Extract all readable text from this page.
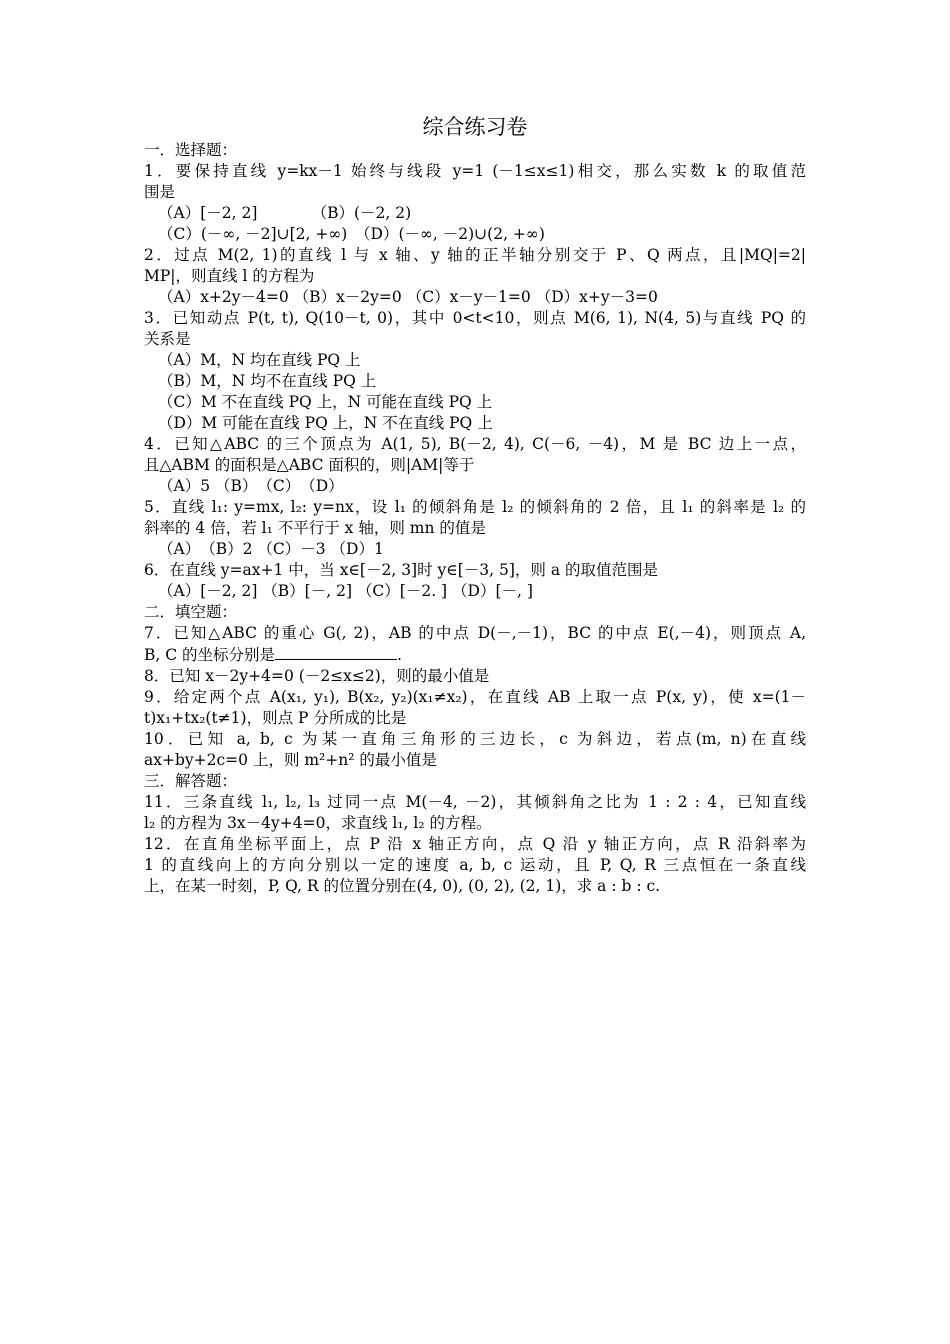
综合练习卷
一．选择题：
1．要保持直线 y=kx－1 始终与线段 y=1 (－1≤x≤1)相交，那么实数 k 的取值范
围是
（A）[－2, 2]　　　　（B）(－2, 2)
（C）(－∞, －2]∪[2, +∞)　（D）(－∞, －2)∪(2, +∞)
2．过点 M(2, 1)的直线 l 与 x 轴、y 轴的正半轴分别交于 P、Q 两点，且|MQ|=2|
MP|，则直线 l 的方程为
（A）x+2y－4=0 （B）x－2y=0 （C）x－y－1=0 （D）x+y－3=0
3．已知动点 P(t, t), Q(10－t, 0)，其中 0<t<10，则点 M(6, 1), N(4, 5)与直线 PQ 的
关系是
（A）M，N 均在直线 PQ 上
（B）M，N 均不在直线 PQ 上
（C）M 不在直线 PQ 上，N 可能在直线 PQ 上
（D）M 可能在直线 PQ 上，N 不在直线 PQ 上
4．已知△ABC 的三个顶点为 A(1, 5), B(－2, 4), C(－6, －4)，M 是 BC 边上一点，
且△ABM 的面积是△ABC 面积的，则|AM|等于
（A）5 （B）　（C）　（D）
5．直线 l₁: y=mx, l₂: y=nx，设 l₁ 的倾斜角是 l₂ 的倾斜角的 2 倍，且 l₁ 的斜率是 l₂ 的
斜率的 4 倍，若 l₁ 不平行于 x 轴，则 mn 的值是
（A）　（B）2 （C）－3 （D）1
6．在直线 y=ax+1 中，当 x∈[－2, 3]时 y∈[－3, 5]，则 a 的取值范围是
（A）[－2, 2] （B）[－, 2] （C）[－2. ] （D）[－, ]
二．填空题：
7．已知△ABC 的重心 G(, 2)，AB 的中点 D(－,－1)，BC 的中点 E(,－4)，则顶点 A,
B, C 的坐标分别是	.
8．已知 x－2y+4=0 (－2≤x≤2)，则的最小值是
9．给定两个点 A(x₁, y₁), B(x₂, y₂)(x₁≠x₂)，在直线 AB 上取一点 P(x, y)，使 x=(1－
t)x₁+tx₂(t≠1)，则点 P 分所成的比是
10．已知 a, b, c 为某一直角三角形的三边长，c 为斜边，若点(m, n)在直线
ax+by+2c=0 上，则 m²+n² 的最小值是
三．解答题：
11．三条直线 l₁, l₂, l₃ 过同一点 M(－4, －2)，其倾斜角之比为 1 : 2 : 4，已知直线
l₂ 的方程为 3x－4y+4=0，求直线 l₁, l₂ 的方程。
12．在直角坐标平面上，点 P 沿 x 轴正方向，点 Q 沿 y 轴正方向，点 R 沿斜率为
1 的直线向上的方向分别以一定的速度 a, b, c 运动，且 P, Q, R 三点恒在一条直线
上，在某一时刻，P, Q, R 的位置分别在(4, 0), (0, 2), (2, 1)，求 a : b : c.
